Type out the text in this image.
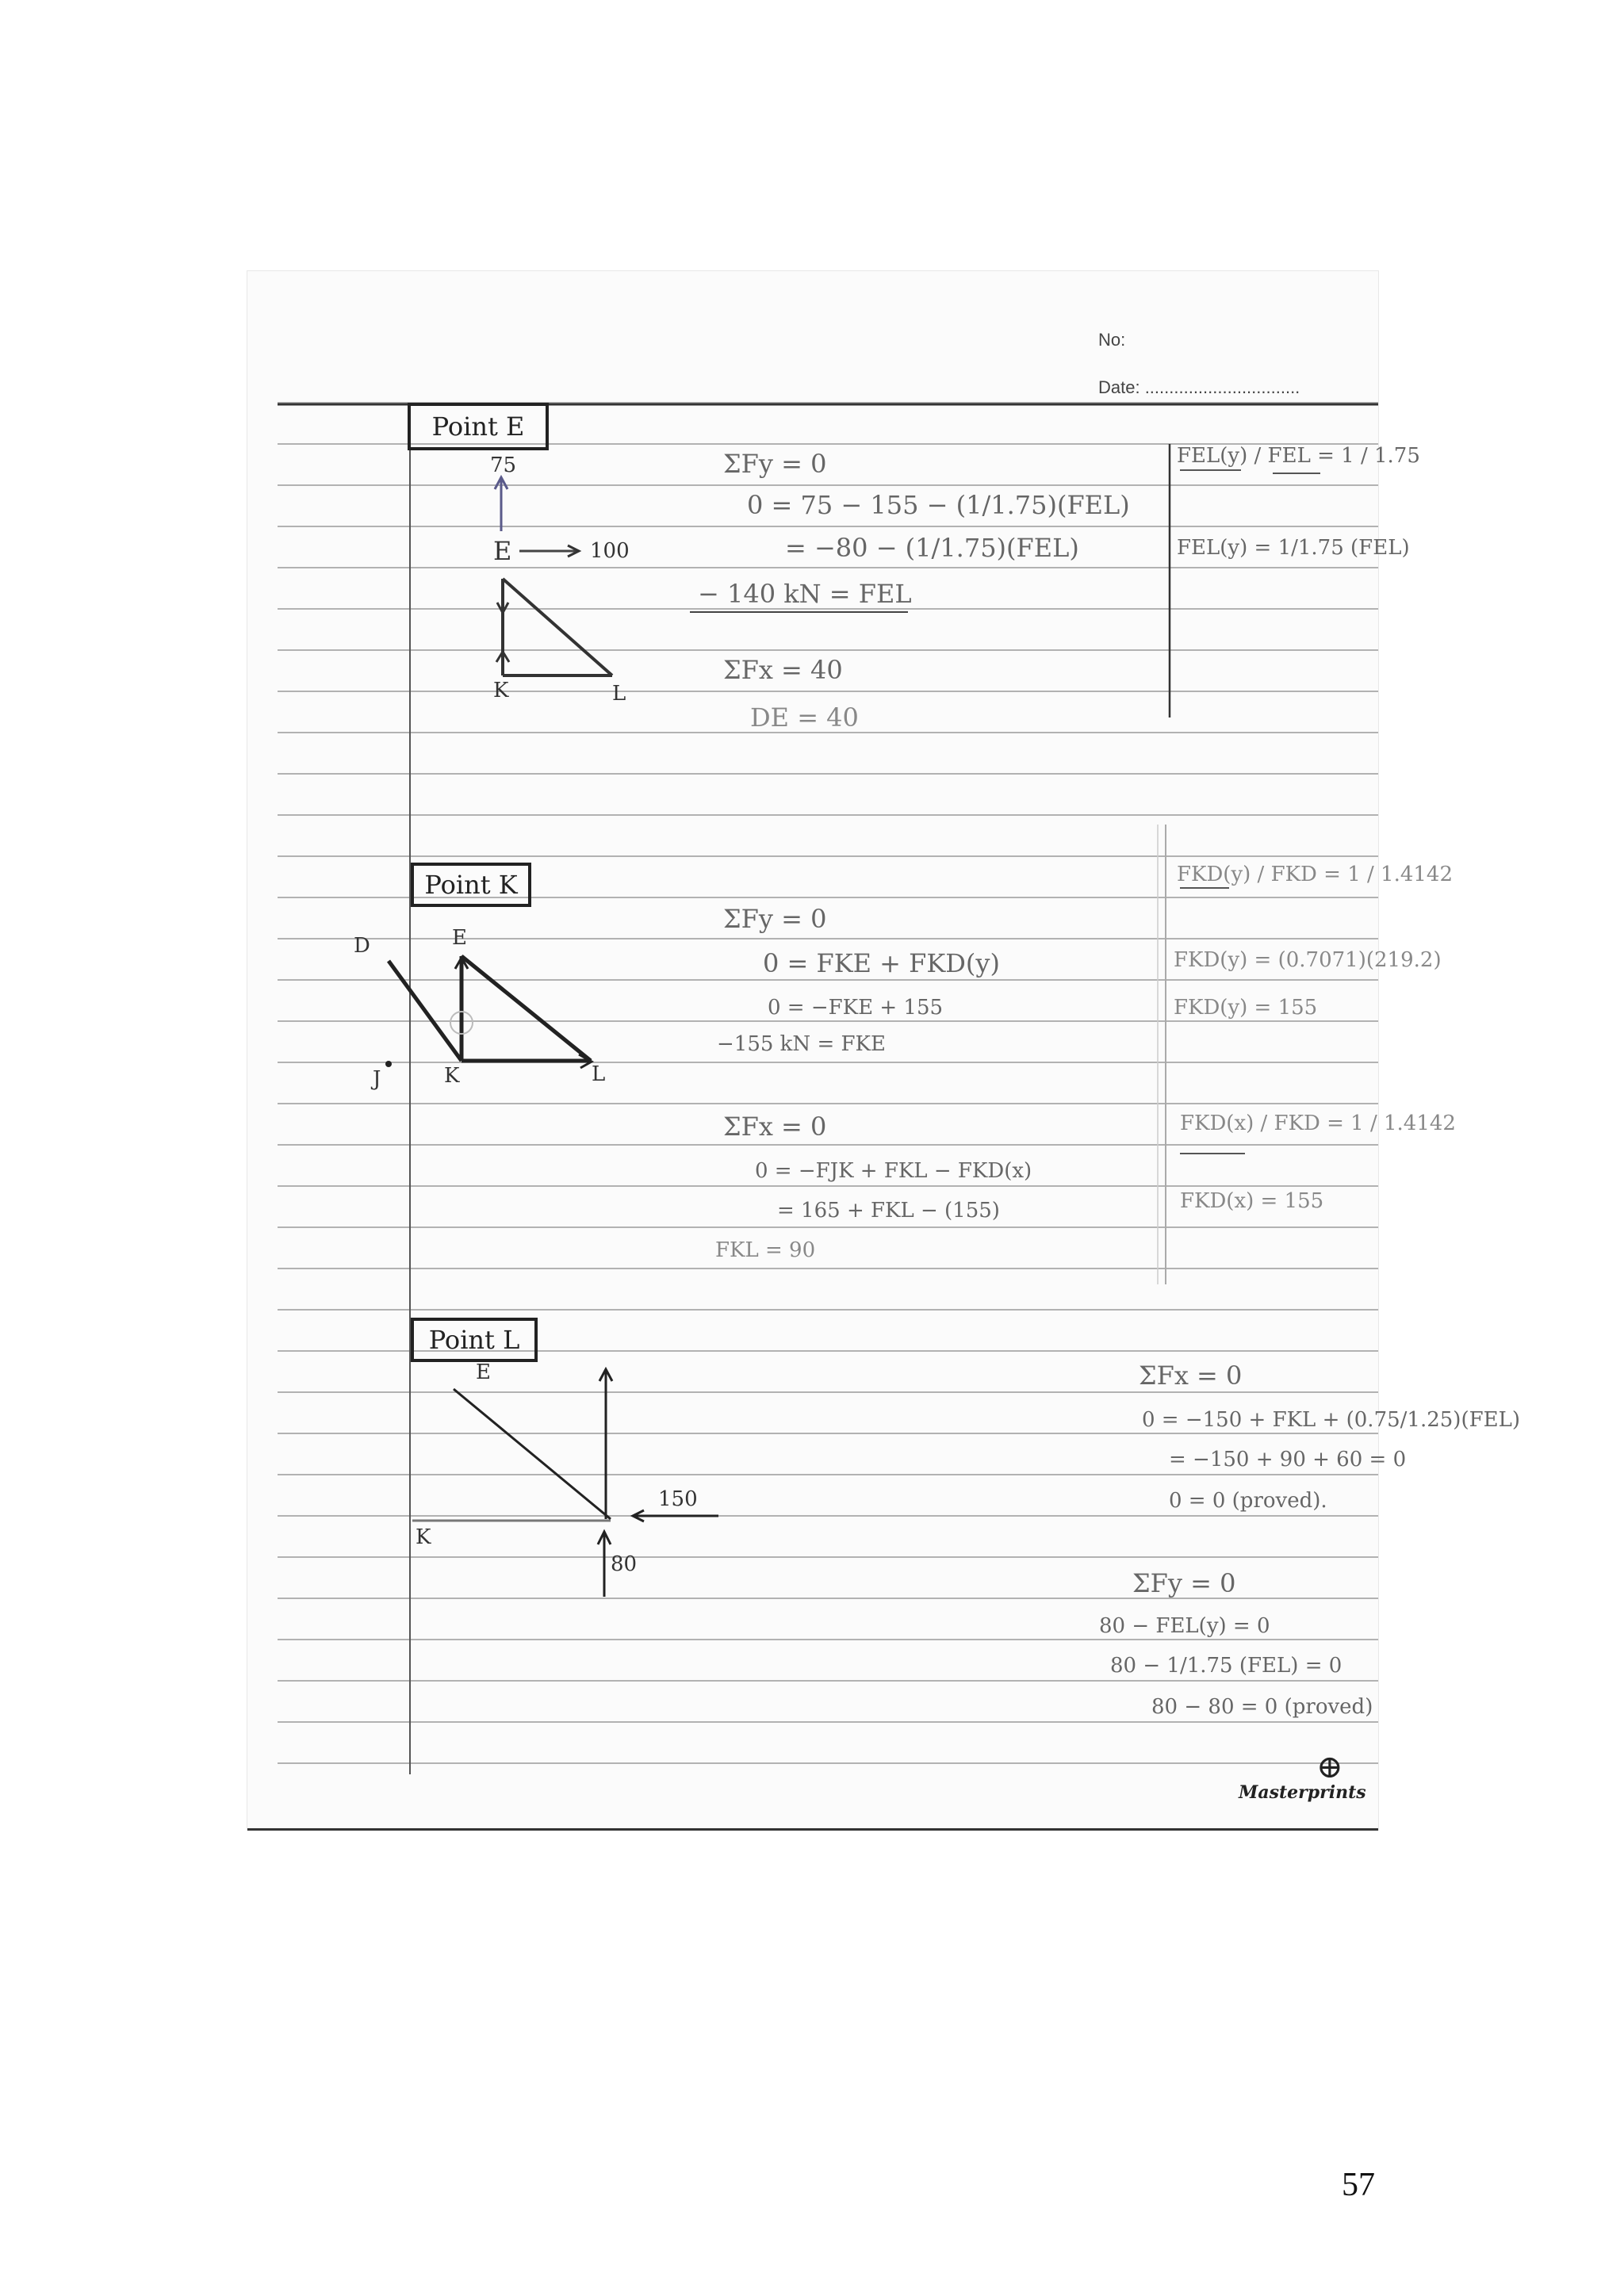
No:
Date: ................................
Point E
75
E	100
K	L
ΣFy = 0
0 = 75 − 155 − (1/1.75)(FEL)
= −80 − (1/1.75)(FEL)
− 140 kN = FEL
ΣFx = 40
DE = 40
FEL(y) / FEL = 1 / 1.75
FEL(y) = 1/1.75 (FEL)
Point K
D	E
J	K	L
ΣFy = 0
0 = FKE + FKD(y)
0 = −FKE + 155
−155 kN = FKE
ΣFx = 0
0 = −FJK + FKL − FKD(x)
= 165 + FKL − (155)
FKL = 90
FKD(y) / FKD = 1 / 1.4142
FKD(y) = (0.7071)(219.2)
FKD(y) = 155
FKD(x) / FKD = 1 / 1.4142
FKD(x) = 155
Point L
E
K
150
80
ΣFx = 0
0 = −150 + FKL + (0.75/1.25)(FEL)
= −150 + 90 + 60 = 0
0 = 0 (proved).
ΣFy = 0
80 − FEL(y) = 0
80 − 1/1.75 (FEL) = 0
80 − 80 = 0 (proved)
Masterprints
⊕
57
